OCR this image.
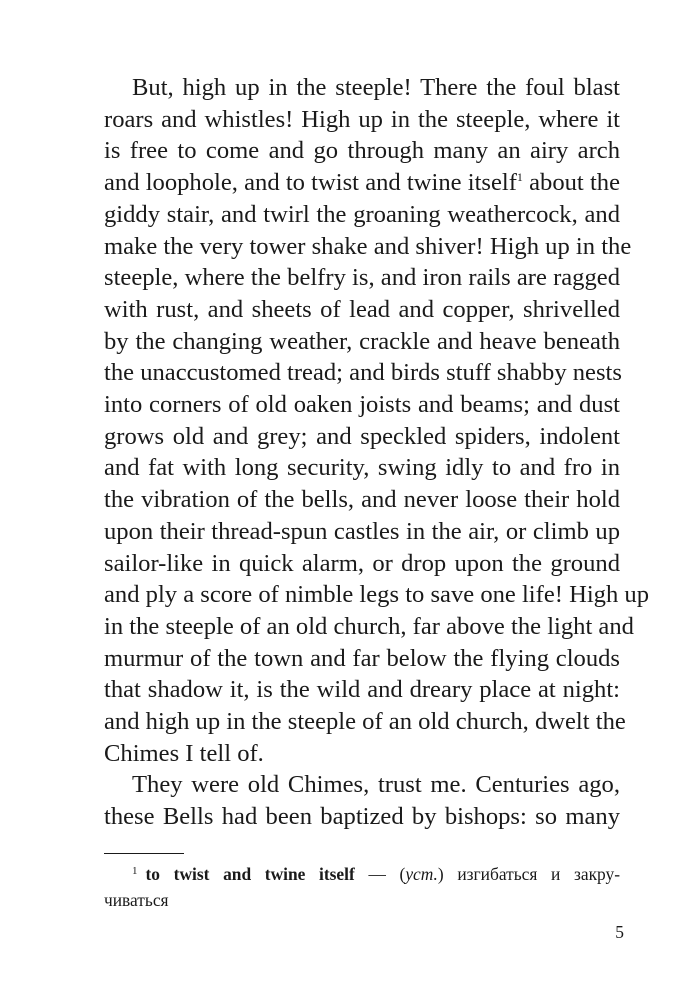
But, high up in the steeple! There the foul blast
roars and whistles! High up in the steeple, where it
is free to come and go through many an airy arch
and loophole, and to twist and twine itself$^1$ about the
giddy stair, and twirl the groaning weathercock, and
make the very tower shake and shiver! High up in the
steeple, where the belfry is, and iron rails are ragged
with rust, and sheets of lead and copper, shrivelled
by the changing weather, crackle and heave beneath
the unaccustomed tread; and birds stuff shabby nests
into corners of old oaken joists and beams; and dust
grows old and grey; and speckled spiders, indolent
and fat with long security, swing idly to and fro in
the vibration of the bells, and never loose their hold
upon their thread-spun castles in the air, or climb up
sailor-like in quick alarm, or drop upon the ground
and ply a score of nimble legs to save one life! High up
in the steeple of an old church, far above the light and
murmur of the town and far below the flying clouds
that shadow it, is the wild and dreary place at night:
and high up in the steeple of an old church, dwelt the
Chimes I tell of.
They were old Chimes, trust me. Centuries ago,
these Bells had been baptized by bishops: so many
$^1$ to twist and twine itself — (уст.) изгибаться и закру-
чиваться
5
